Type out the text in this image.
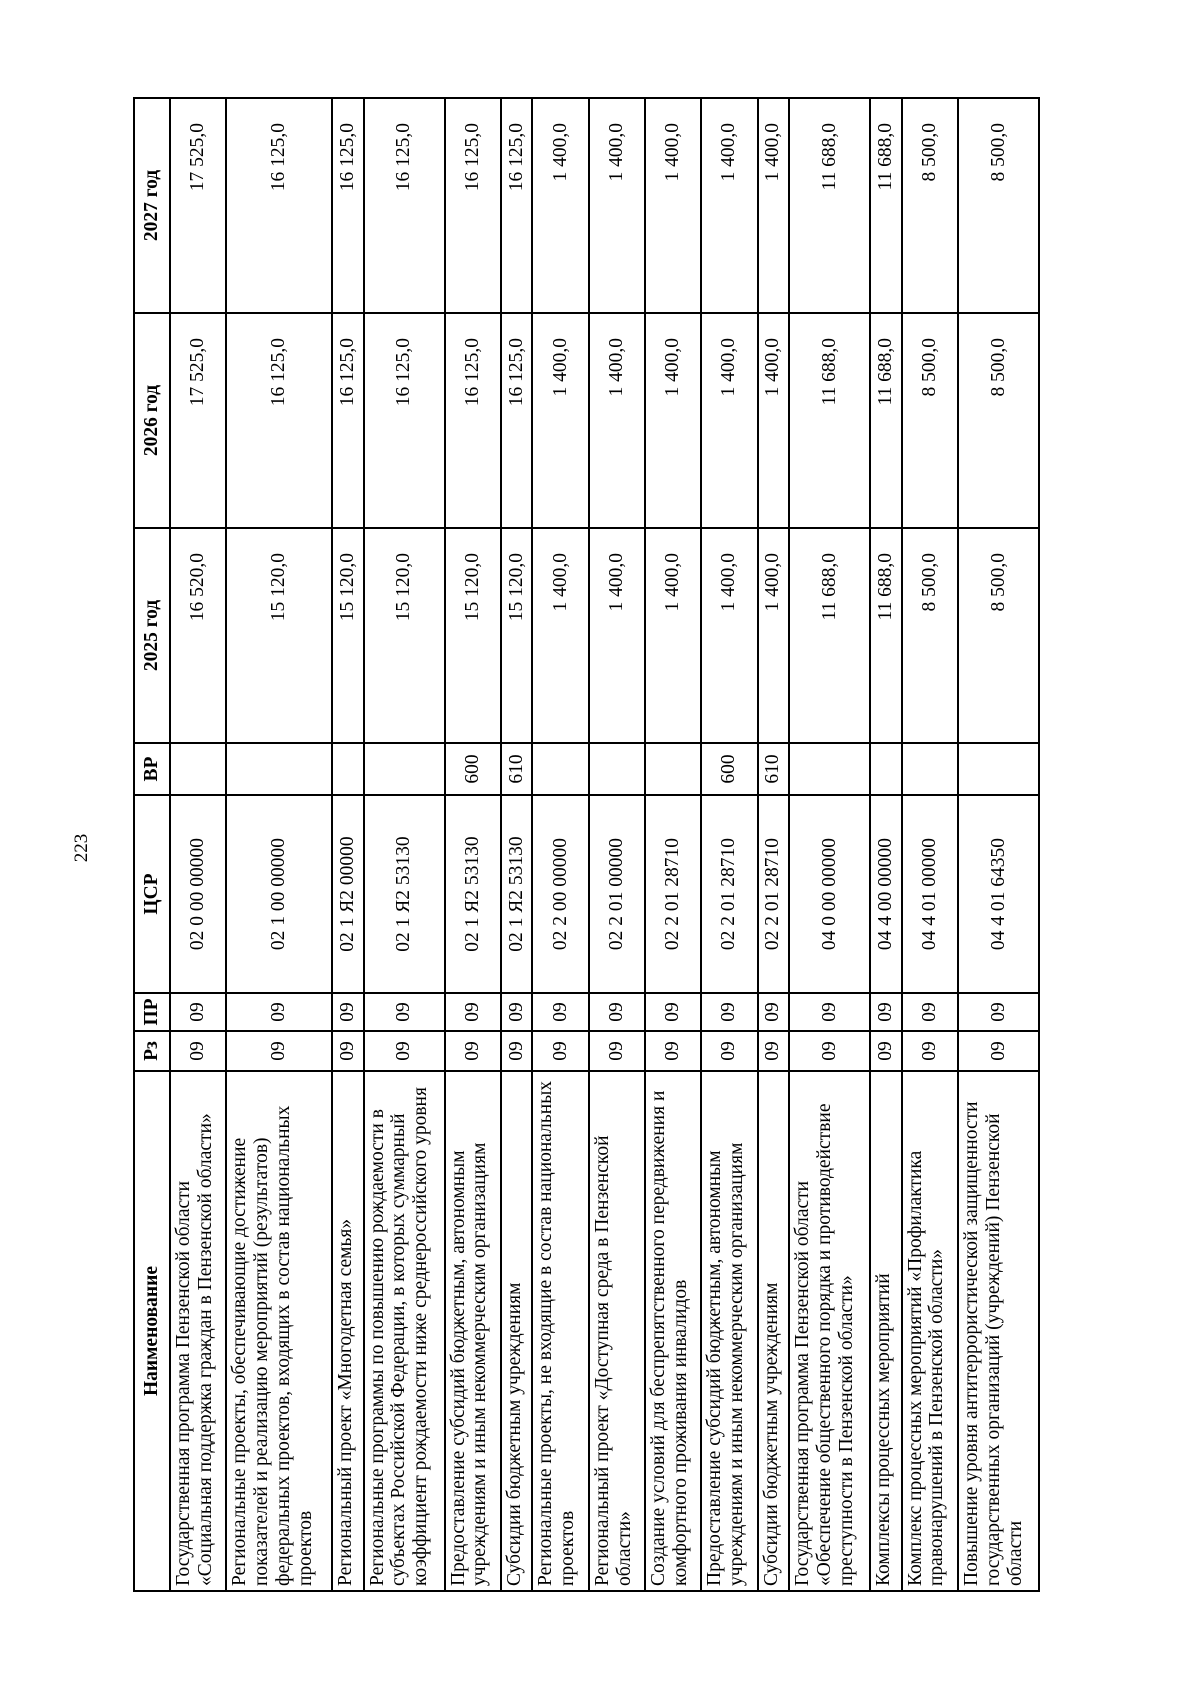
223
Наименование	Рз	ПР	ЦСР	ВР	2025 год	2026 год	2027 год
Государственная программа Пензенской области «Социальная поддержка граждан в Пензенской области»	09	09	02 0 00 00000		16 520,0	17 525,0	17 525,0
Региональные проекты, обеспечивающие достижение показателей и реализацию мероприятий (результатов) федеральных проектов, входящих в состав национальных проектов	09	09	02 1 00 00000		15 120,0	16 125,0	16 125,0
Региональный проект «Многодетная семья»	09	09	02 1 Я2 00000		15 120,0	16 125,0	16 125,0
Региональные программы по повышению рождаемости в субъектах Российской Федерации, в которых суммарный коэффициент рождаемости ниже среднероссийского уровня	09	09	02 1 Я2 53130		15 120,0	16 125,0	16 125,0
Предоставление субсидий бюджетным, автономным учреждениям и иным некоммерческим организациям	09	09	02 1 Я2 53130	600	15 120,0	16 125,0	16 125,0
Субсидии бюджетным учреждениям	09	09	02 1 Я2 53130	610	15 120,0	16 125,0	16 125,0
Региональные проекты, не входящие в состав национальных проектов	09	09	02 2 00 00000		1 400,0	1 400,0	1 400,0
Региональный проект «Доступная среда в Пензенской области»	09	09	02 2 01 00000		1 400,0	1 400,0	1 400,0
Создание условий для беспрепятственного передвижения и комфортного проживания инвалидов	09	09	02 2 01 28710		1 400,0	1 400,0	1 400,0
Предоставление субсидий бюджетным, автономным учреждениям и иным некоммерческим организациям	09	09	02 2 01 28710	600	1 400,0	1 400,0	1 400,0
Субсидии бюджетным учреждениям	09	09	02 2 01 28710	610	1 400,0	1 400,0	1 400,0
Государственная программа Пензенской области «Обеспечение общественного порядка и противодействие преступности в Пензенской области»	09	09	04 0 00 00000		11 688,0	11 688,0	11 688,0
Комплексы процессных мероприятий	09	09	04 4 00 00000		11 688,0	11 688,0	11 688,0
Комплекс процессных мероприятий «Профилактика правонарушений в Пензенской области»	09	09	04 4 01 00000		8 500,0	8 500,0	8 500,0
Повышение уровня антитеррористической защищенности государственных организаций (учреждений) Пензенской области	09	09	04 4 01 64350		8 500,0	8 500,0	8 500,0
